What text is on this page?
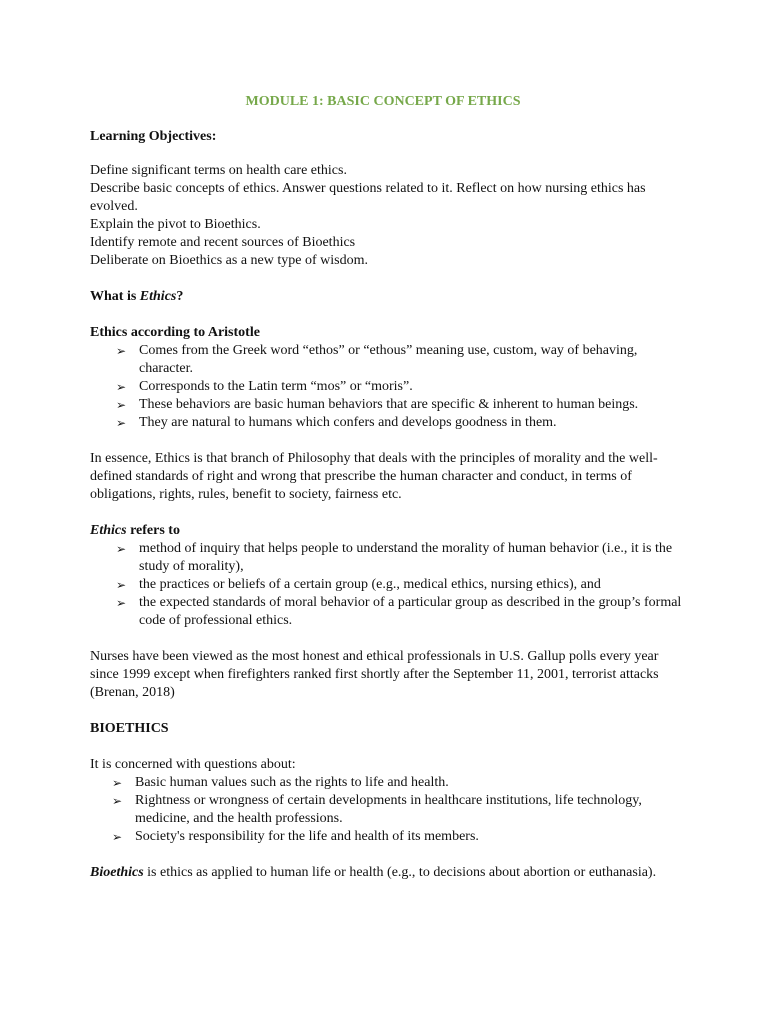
MODULE 1: BASIC CONCEPT OF ETHICS

Learning Objectives:

Define significant terms on health care ethics.

Describe basic concepts of ethics. Answer questions related to it. Reflect on how nursing ethics has evolved.

Explain the pivot to Bioethics.

Identify remote and recent sources of Bioethics

Deliberate on Bioethics as a new type of wisdom.

What is Ethics?

Ethics according to Aristotle

➢ Comes from the Greek word “ethos” or “ethous” meaning use, custom, way of behaving, character.
➢ Corresponds to the Latin term “mos” or “moris”.
➢ These behaviors are basic human behaviors that are specific & inherent to human beings.
➢ They are natural to humans which confers and develops goodness in them.

In essence, Ethics is that branch of Philosophy that deals with the principles of morality and the well- defined standards of right and wrong that prescribe the human character and conduct, in terms of obligations, rights, rules, benefit to society, fairness etc.

Ethics refers to

➢ method of inquiry that helps people to understand the morality of human behavior (i.e., it is the study of morality),
➢ the practices or beliefs of a certain group (e.g., medical ethics, nursing ethics), and
➢ the expected standards of moral behavior of a particular group as described in the group’s formal code of professional ethics.

Nurses have been viewed as the most honest and ethical professionals in U.S. Gallup polls every year since 1999 except when firefighters ranked first shortly after the September 11, 2001, terrorist attacks (Brenan, 2018)

BIOETHICS

It is concerned with questions about:

➢ Basic human values such as the rights to life and health.
➢ Rightness or wrongness of certain developments in healthcare institutions, life technology, medicine, and the health professions.
➢ Society's responsibility for the life and health of its members.

Bioethics is ethics as applied to human life or health (e.g., to decisions about abortion or euthanasia).
